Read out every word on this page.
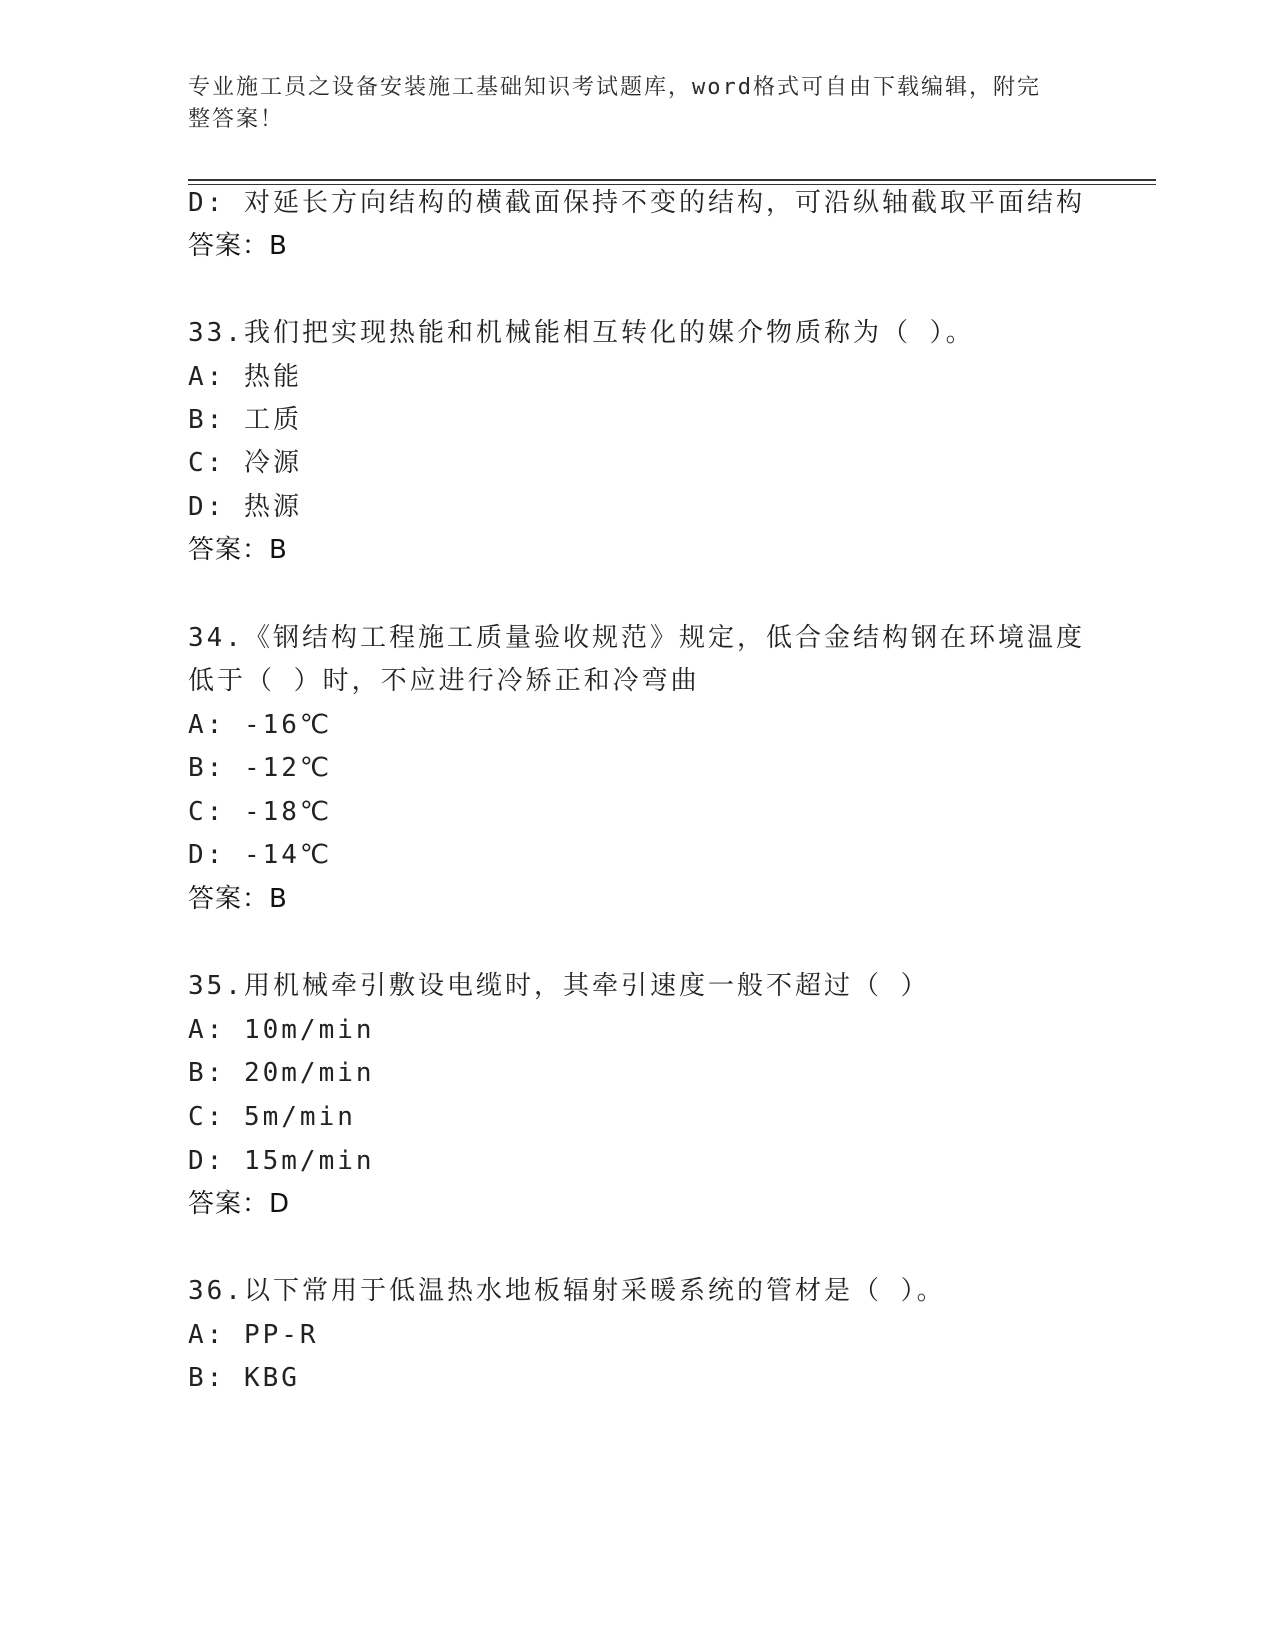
专业施工员之设备安装施工基础知识考试题库，word格式可自由下载编辑，附完
整答案！
D: 对延长方向结构的横截面保持不变的结构，可沿纵轴截取平面结构
答案：B
33.我们把实现热能和机械能相互转化的媒介物质称为（ ）。
A: 热能
B: 工质
C: 冷源
D: 热源
答案：B
34.《钢结构工程施工质量验收规范》规定，低合金结构钢在环境温度
低于（ ）时，不应进行冷矫正和冷弯曲
A: -16℃
B: -12℃
C: -18℃
D: -14℃
答案：B
35.用机械牵引敷设电缆时，其牵引速度一般不超过（ ）
A: 10m/min
B: 20m/min
C: 5m/min
D: 15m/min
答案：D
36.以下常用于低温热水地板辐射采暖系统的管材是（ ）。
A: PP-R
B: KBG
